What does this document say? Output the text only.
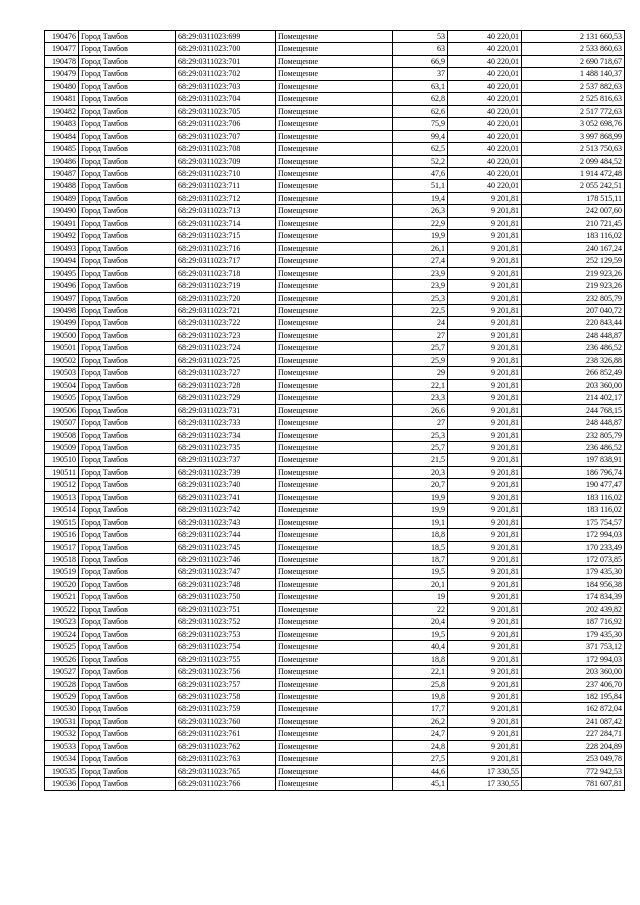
190476	Город Тамбов	68:29:0311023:699	Помещение	53	40 220,01	2 131 660,53
190477	Город Тамбов	68:29:0311023:700	Помещение	63	40 220,01	2 533 860,63
190478	Город Тамбов	68:29:0311023:701	Помещение	66,9	40 220,01	2 690 718,67
190479	Город Тамбов	68:29:0311023:702	Помещение	37	40 220,01	1 488 140,37
190480	Город Тамбов	68:29:0311023:703	Помещение	63,1	40 220,01	2 537 882,63
190481	Город Тамбов	68:29:0311023:704	Помещение	62,8	40 220,01	2 525 816,63
190482	Город Тамбов	68:29:0311023:705	Помещение	62,6	40 220,01	2 517 772,63
190483	Город Тамбов	68:29:0311023:706	Помещение	75,9	40 220,01	3 052 698,76
190484	Город Тамбов	68:29:0311023:707	Помещение	99,4	40 220,01	3 997 868,99
190485	Город Тамбов	68:29:0311023:708	Помещение	62,5	40 220,01	2 513 750,63
190486	Город Тамбов	68:29:0311023:709	Помещение	52,2	40 220,01	2 099 484,52
190487	Город Тамбов	68:29:0311023:710	Помещение	47,6	40 220,01	1 914 472,48
190488	Город Тамбов	68:29:0311023:711	Помещение	51,1	40 220,01	2 055 242,51
190489	Город Тамбов	68:29:0311023:712	Помещение	19,4	9 201,81	178 515,11
190490	Город Тамбов	68:29:0311023:713	Помещение	26,3	9 201,81	242 007,60
190491	Город Тамбов	68:29:0311023:714	Помещение	22,9	9 201,81	210 721,45
190492	Город Тамбов	68:29:0311023:715	Помещение	19,9	9 201,81	183 116,02
190493	Город Тамбов	68:29:0311023:716	Помещение	26,1	9 201,81	240 167,24
190494	Город Тамбов	68:29:0311023:717	Помещение	27,4	9 201,81	252 129,59
190495	Город Тамбов	68:29:0311023:718	Помещение	23,9	9 201,81	219 923,26
190496	Город Тамбов	68:29:0311023:719	Помещение	23,9	9 201,81	219 923,26
190497	Город Тамбов	68:29:0311023:720	Помещение	25,3	9 201,81	232 805,79
190498	Город Тамбов	68:29:0311023:721	Помещение	22,5	9 201,81	207 040,72
190499	Город Тамбов	68:29:0311023:722	Помещение	24	9 201,81	220 843,44
190500	Город Тамбов	68:29:0311023:723	Помещение	27	9 201,81	248 448,87
190501	Город Тамбов	68:29:0311023:724	Помещение	25,7	9 201,81	236 486,52
190502	Город Тамбов	68:29:0311023:725	Помещение	25,9	9 201,81	238 326,88
190503	Город Тамбов	68:29:0311023:727	Помещение	29	9 201,81	266 852,49
190504	Город Тамбов	68:29:0311023:728	Помещение	22,1	9 201,81	203 360,00
190505	Город Тамбов	68:29:0311023:729	Помещение	23,3	9 201,81	214 402,17
190506	Город Тамбов	68:29:0311023:731	Помещение	26,6	9 201,81	244 768,15
190507	Город Тамбов	68:29:0311023:733	Помещение	27	9 201,81	248 448,87
190508	Город Тамбов	68:29:0311023:734	Помещение	25,3	9 201,81	232 805,79
190509	Город Тамбов	68:29:0311023:735	Помещение	25,7	9 201,81	236 486,52
190510	Город Тамбов	68:29:0311023:737	Помещение	21,5	9 201,81	197 838,91
190511	Город Тамбов	68:29:0311023:739	Помещение	20,3	9 201,81	186 796,74
190512	Город Тамбов	68:29:0311023:740	Помещение	20,7	9 201,81	190 477,47
190513	Город Тамбов	68:29:0311023:741	Помещение	19,9	9 201,81	183 116,02
190514	Город Тамбов	68:29:0311023:742	Помещение	19,9	9 201,81	183 116,02
190515	Город Тамбов	68:29:0311023:743	Помещение	19,1	9 201,81	175 754,57
190516	Город Тамбов	68:29:0311023:744	Помещение	18,8	9 201,81	172 994,03
190517	Город Тамбов	68:29:0311023:745	Помещение	18,5	9 201,81	170 233,49
190518	Город Тамбов	68:29:0311023:746	Помещение	18,7	9 201,81	172 073,85
190519	Город Тамбов	68:29:0311023:747	Помещение	19,5	9 201,81	179 435,30
190520	Город Тамбов	68:29:0311023:748	Помещение	20,1	9 201,81	184 956,38
190521	Город Тамбов	68:29:0311023:750	Помещение	19	9 201,81	174 834,39
190522	Город Тамбов	68:29:0311023:751	Помещение	22	9 201,81	202 439,82
190523	Город Тамбов	68:29:0311023:752	Помещение	20,4	9 201,81	187 716,92
190524	Город Тамбов	68:29:0311023:753	Помещение	19,5	9 201,81	179 435,30
190525	Город Тамбов	68:29:0311023:754	Помещение	40,4	9 201,81	371 753,12
190526	Город Тамбов	68:29:0311023:755	Помещение	18,8	9 201,81	172 994,03
190527	Город Тамбов	68:29:0311023:756	Помещение	22,1	9 201,81	203 360,00
190528	Город Тамбов	68:29:0311023:757	Помещение	25,8	9 201,81	237 406,70
190529	Город Тамбов	68:29:0311023:758	Помещение	19,8	9 201,81	182 195,84
190530	Город Тамбов	68:29:0311023:759	Помещение	17,7	9 201,81	162 872,04
190531	Город Тамбов	68:29:0311023:760	Помещение	26,2	9 201,81	241 087,42
190532	Город Тамбов	68:29:0311023:761	Помещение	24,7	9 201,81	227 284,71
190533	Город Тамбов	68:29:0311023:762	Помещение	24,8	9 201,81	228 204,89
190534	Город Тамбов	68:29:0311023:763	Помещение	27,5	9 201,81	253 049,78
190535	Город Тамбов	68:29:0311023:765	Помещение	44,6	17 330,55	772 942,53
190536	Город Тамбов	68:29:0311023:766	Помещение	45,1	17 330,55	781 607,81
